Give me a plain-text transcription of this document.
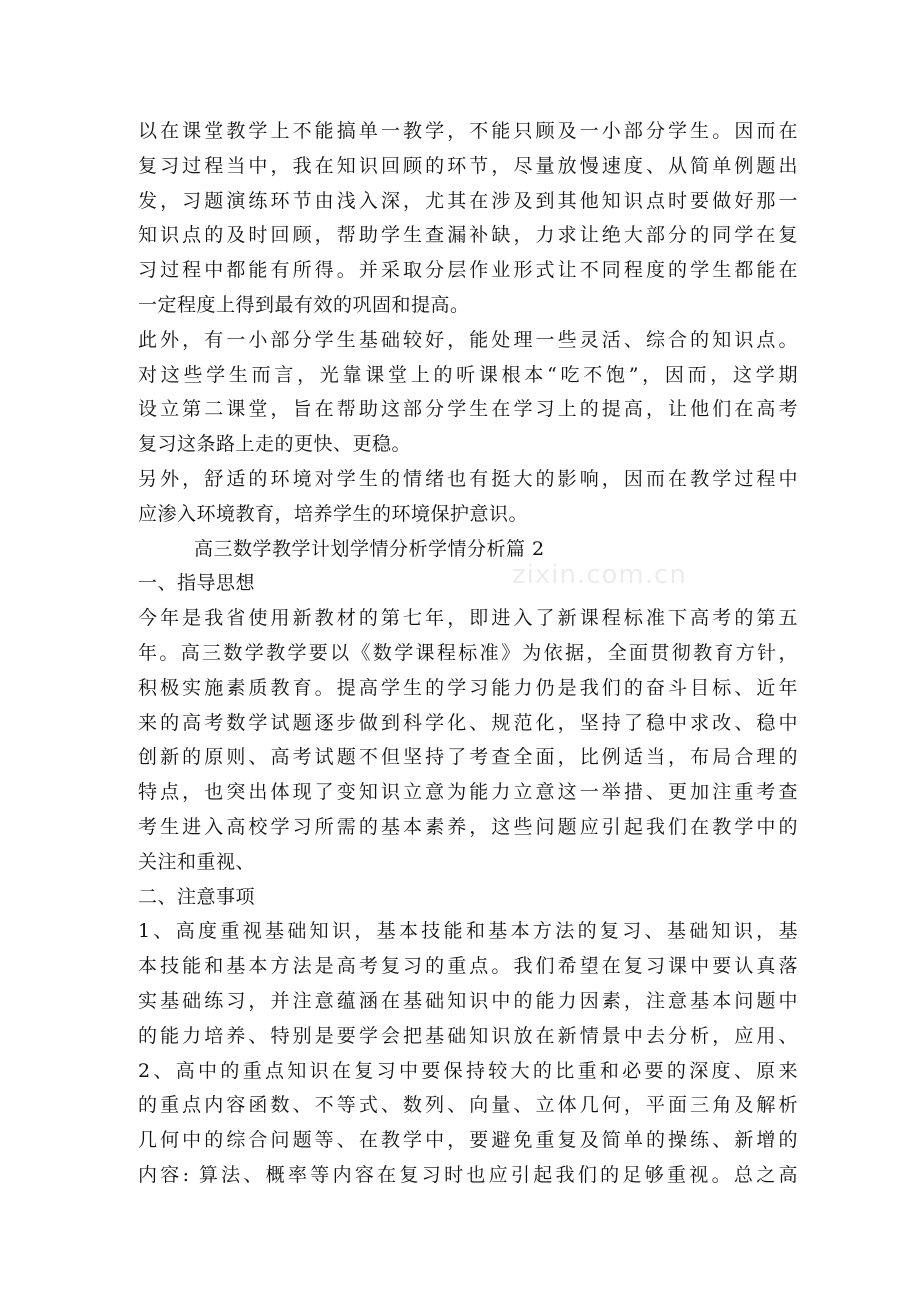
以在课堂教学上不能搞单一教学，不能只顾及一小部分学生。因而在
复习过程当中，我在知识回顾的环节，尽量放慢速度、从简单例题出
发，习题演练环节由浅入深，尤其在涉及到其他知识点时要做好那一
知识点的及时回顾，帮助学生查漏补缺，力求让绝大部分的同学在复
习过程中都能有所得。并采取分层作业形式让不同程度的学生都能在
一定程度上得到最有效的巩固和提高。
此外，有一小部分学生基础较好，能处理一些灵活、综合的知识点。
对这些学生而言，光靠课堂上的听课根本“吃不饱”，因而，这学期
设立第二课堂，旨在帮助这部分学生在学习上的提高，让他们在高考
复习这条路上走的更快、更稳。
另外，舒适的环境对学生的情绪也有挺大的影响，因而在教学过程中
应渗入环境教育，培养学生的环境保护意识。
高三数学教学计划学情分析学情分析篇 2
一、指导思想
今年是我省使用新教材的第七年，即进入了新课程标准下高考的第五
年。高三数学教学要以《数学课程标准》为依据，全面贯彻教育方针，
积极实施素质教育。提高学生的学习能力仍是我们的奋斗目标、近年
来的高考数学试题逐步做到科学化、规范化，坚持了稳中求改、稳中
创新的原则、高考试题不但坚持了考查全面，比例适当，布局合理的
特点，也突出体现了变知识立意为能力立意这一举措、更加注重考查
考生进入高校学习所需的基本素养，这些问题应引起我们在教学中的
关注和重视、
二、注意事项
1、高度重视基础知识，基本技能和基本方法的复习、基础知识，基
本技能和基本方法是高考复习的重点。我们希望在复习课中要认真落
实基础练习，并注意蕴涵在基础知识中的能力因素，注意基本问题中
的能力培养、特别是要学会把基础知识放在新情景中去分析，应用、
2、高中的重点知识在复习中要保持较大的比重和必要的深度、原来
的重点内容函数、不等式、数列、向量、立体几何，平面三角及解析
几何中的综合问题等、在教学中，要避免重复及简单的操练、新增的
内容: 算法、概率等内容在复习时也应引起我们的足够重视。总之高
zixin.com.cn
